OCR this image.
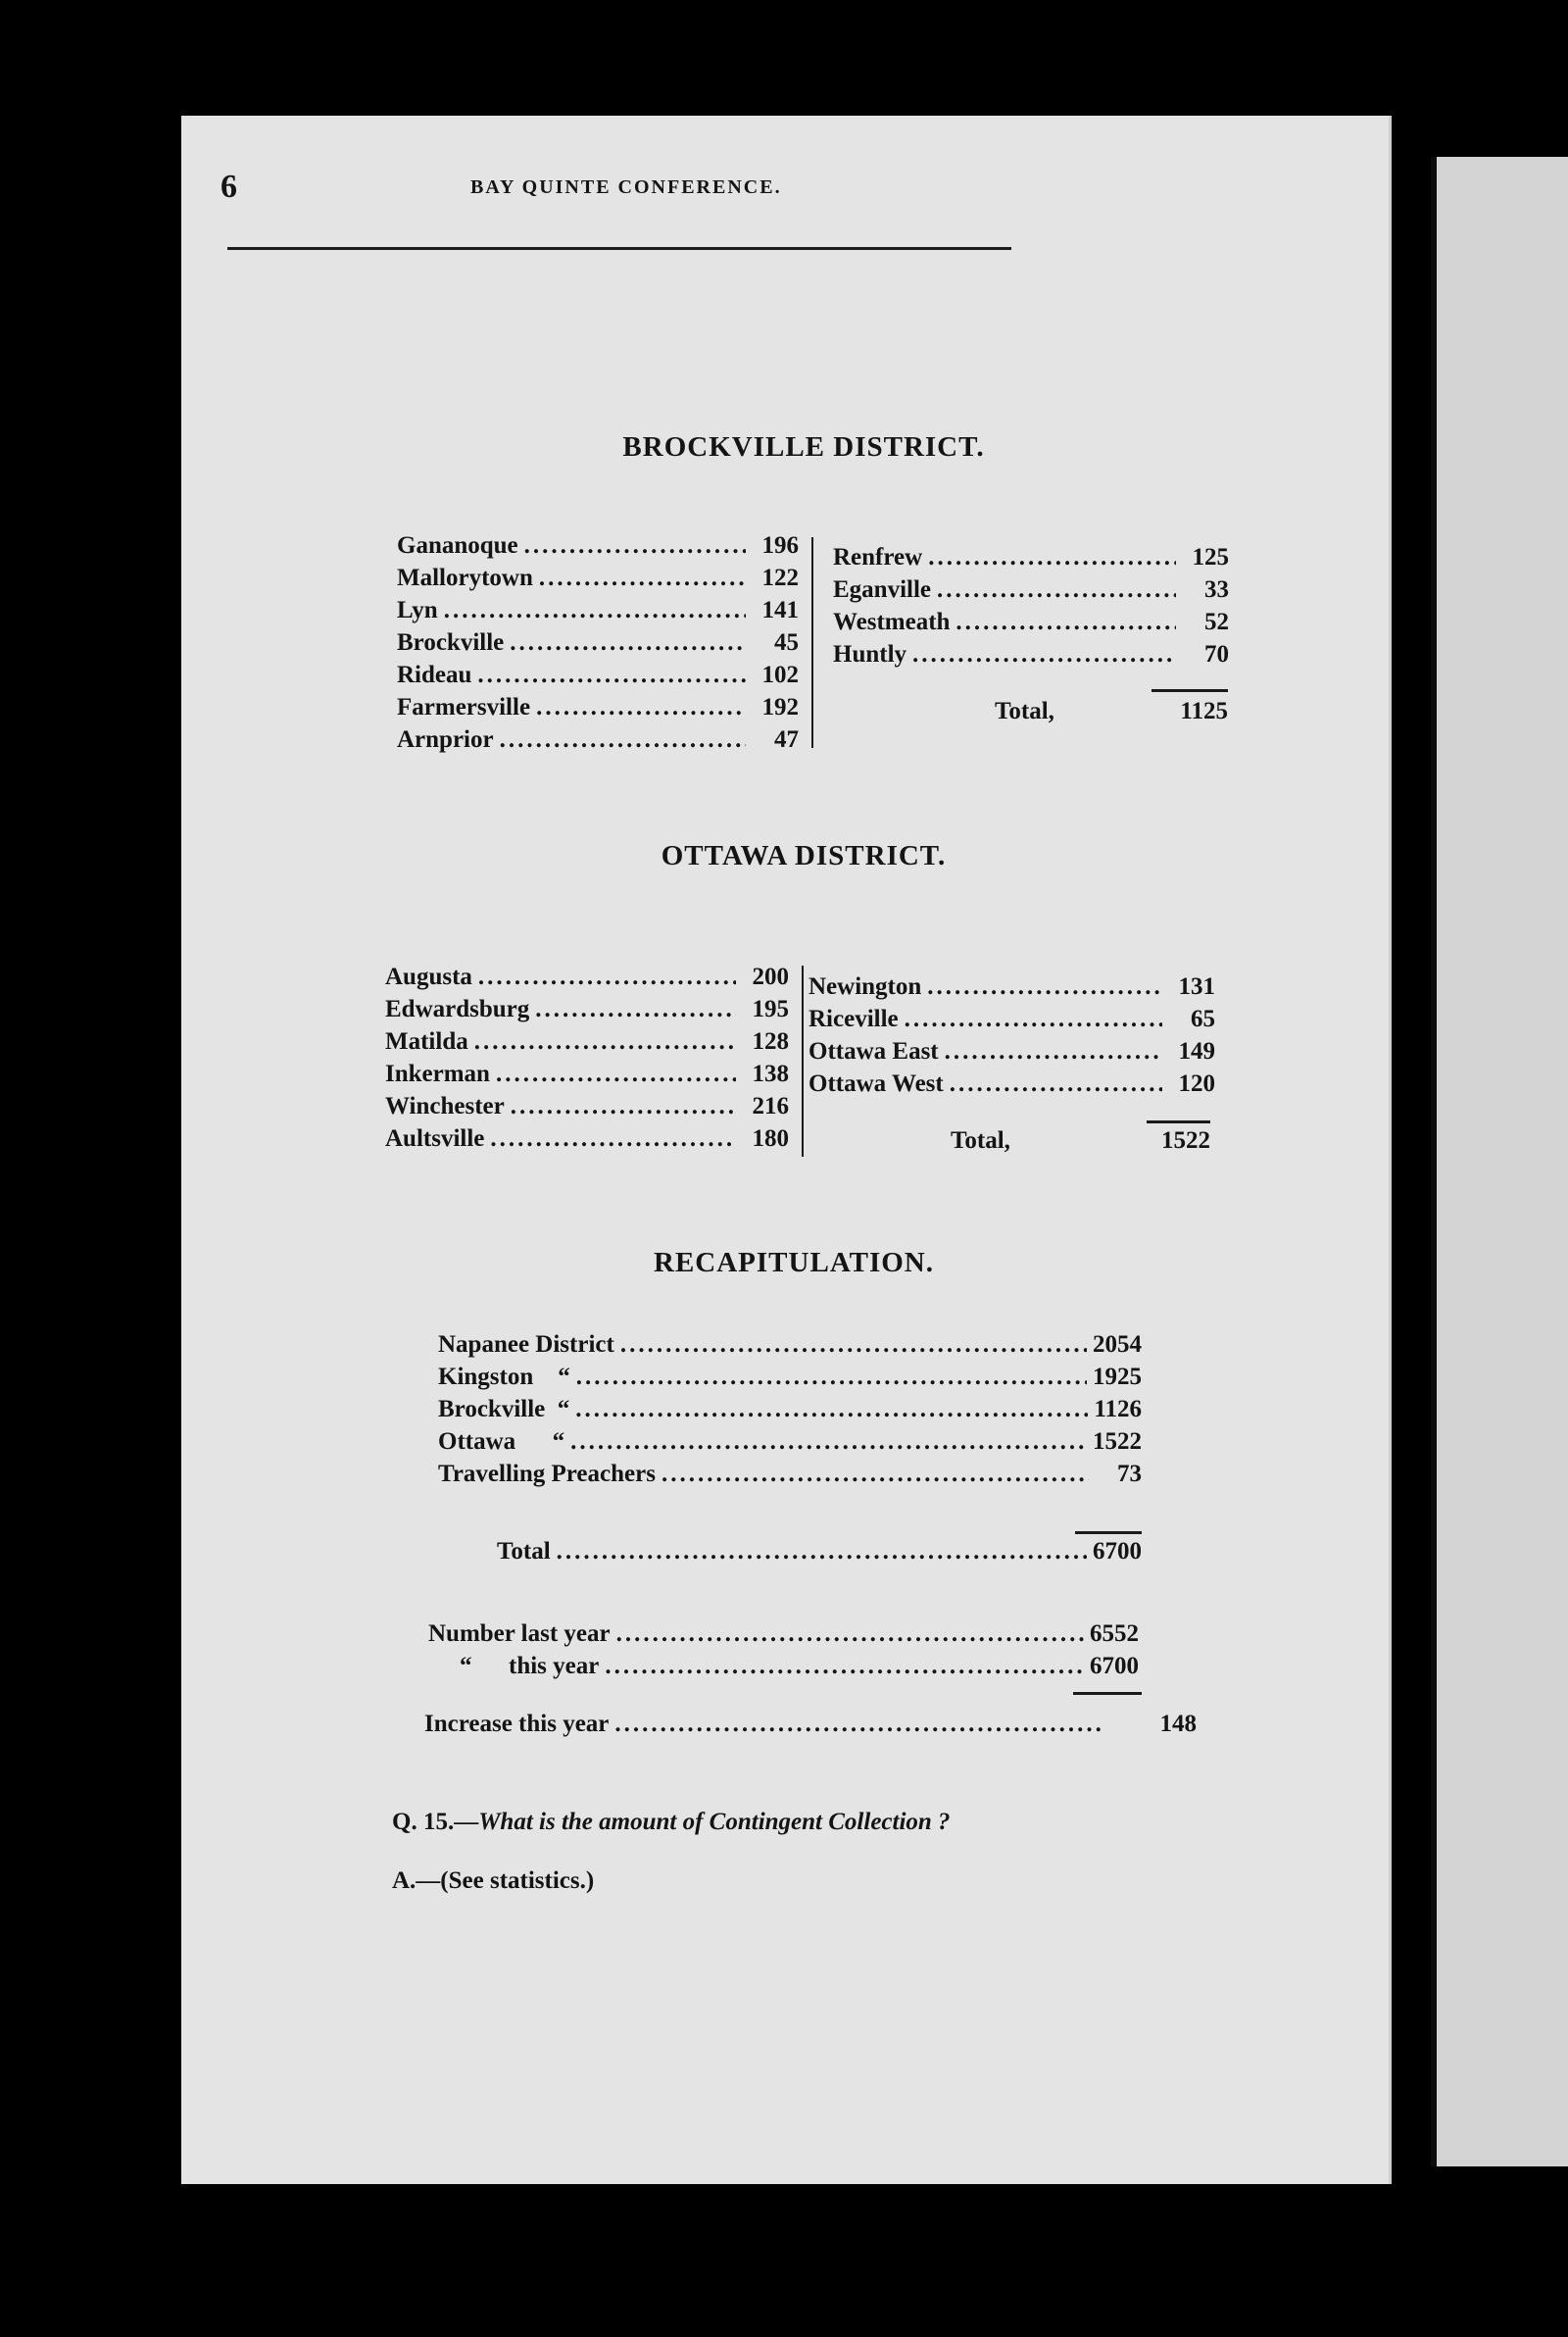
6	BAY QUINTE CONFERENCE.
BROCKVILLE DISTRICT.
Gananoque .....	196
Mallorytown .....	122
Lyn .....	141
Brockville .....	45
Rideau .....	102
Farmersville .....	192
Arnprior .....	47
Renfrew .....	125
Eganville .....	33
Westmeath .....	52
Huntly .....	70
Total,	1125
OTTAWA DISTRICT.
Augusta .....	200
Edwardsburg .....	195
Matilda .....	128
Inkerman .....	138
Winchester .....	216
Aultsville .....	180
Newington .....	131
Riceville .....	65
Ottawa East .....	149
Ottawa West .....	120
Total,	1522
RECAPITULATION.
Napanee District .....	2054
Kingston    “ .....	1925
Brockville  “ .....	1126
Ottawa      “ .....	1522
Travelling Preachers .....	73
Total .....	6700
Number last year .....	6552
“      this year .....	6700
Increase this year .....	148
Q. 15.—What is the amount of Contingent Collection ?
A.—(See statistics.)
